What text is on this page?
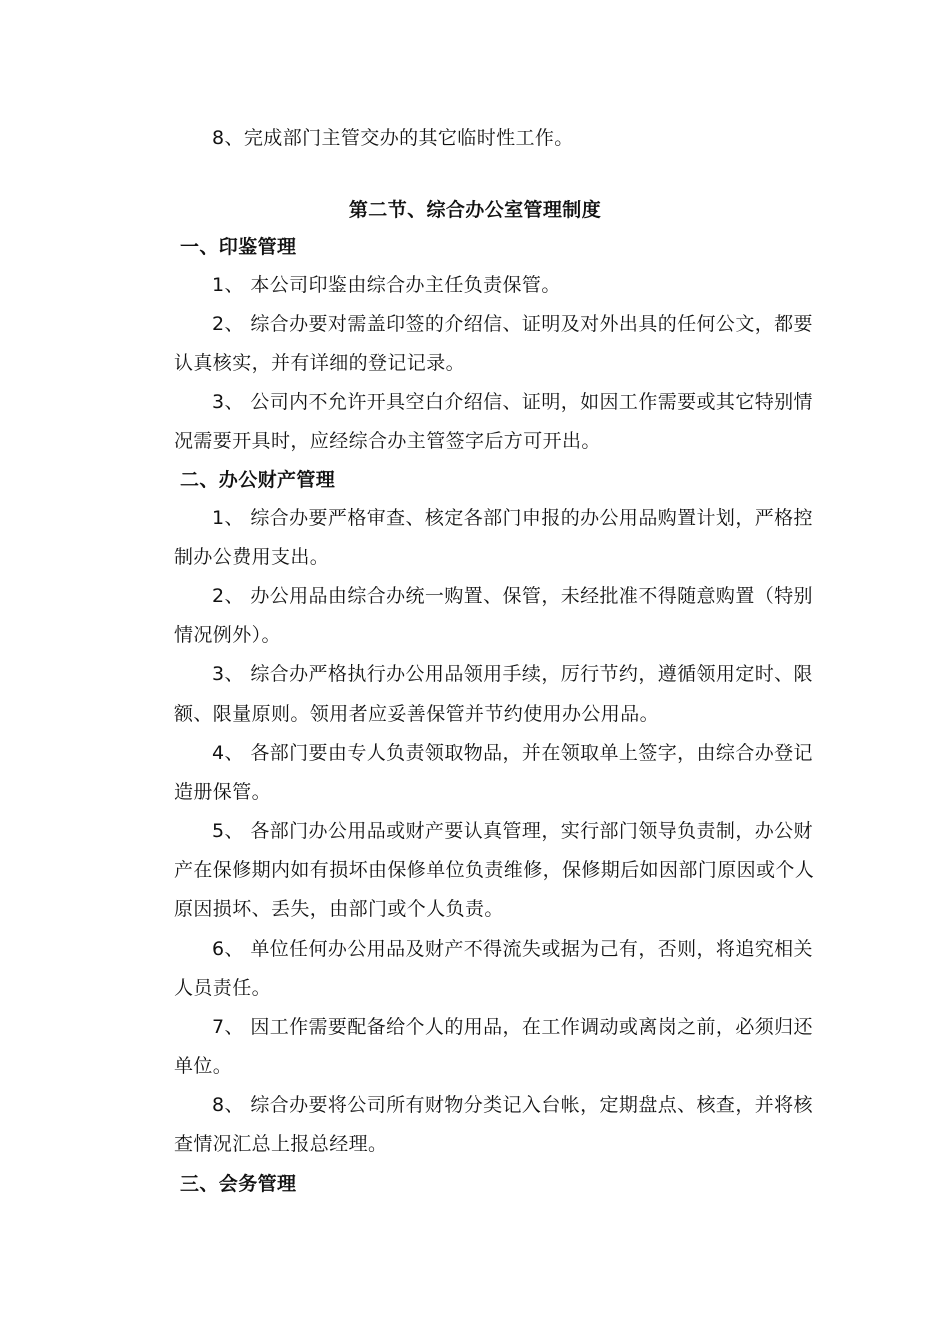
8、完成部门主管交办的其它临时性工作。
第二节、综合办公室管理制度
一、印鉴管理
1、 本公司印鉴由综合办主任负责保管。
2、 综合办要对需盖印签的介绍信、证明及对外出具的任何公文，都要
认真核实，并有详细的登记记录。
3、 公司内不允许开具空白介绍信、证明，如因工作需要或其它特别情
况需要开具时，应经综合办主管签字后方可开出。
二、办公财产管理
1、 综合办要严格审查、核定各部门申报的办公用品购置计划，严格控
制办公费用支出。
2、 办公用品由综合办统一购置、保管，未经批准不得随意购置（特别
情况例外）。
3、 综合办严格执行办公用品领用手续，厉行节约，遵循领用定时、限
额、限量原则。领用者应妥善保管并节约使用办公用品。
4、 各部门要由专人负责领取物品，并在领取单上签字，由综合办登记
造册保管。
5、 各部门办公用品或财产要认真管理，实行部门领导负责制，办公财
产在保修期内如有损坏由保修单位负责维修，保修期后如因部门原因或个人
原因损坏、丢失，由部门或个人负责。
6、 单位任何办公用品及财产不得流失或据为己有，否则，将追究相关
人员责任。
7、 因工作需要配备给个人的用品，在工作调动或离岗之前，必须归还
单位。
8、 综合办要将公司所有财物分类记入台帐，定期盘点、核查，并将核
查情况汇总上报总经理。
三、会务管理
